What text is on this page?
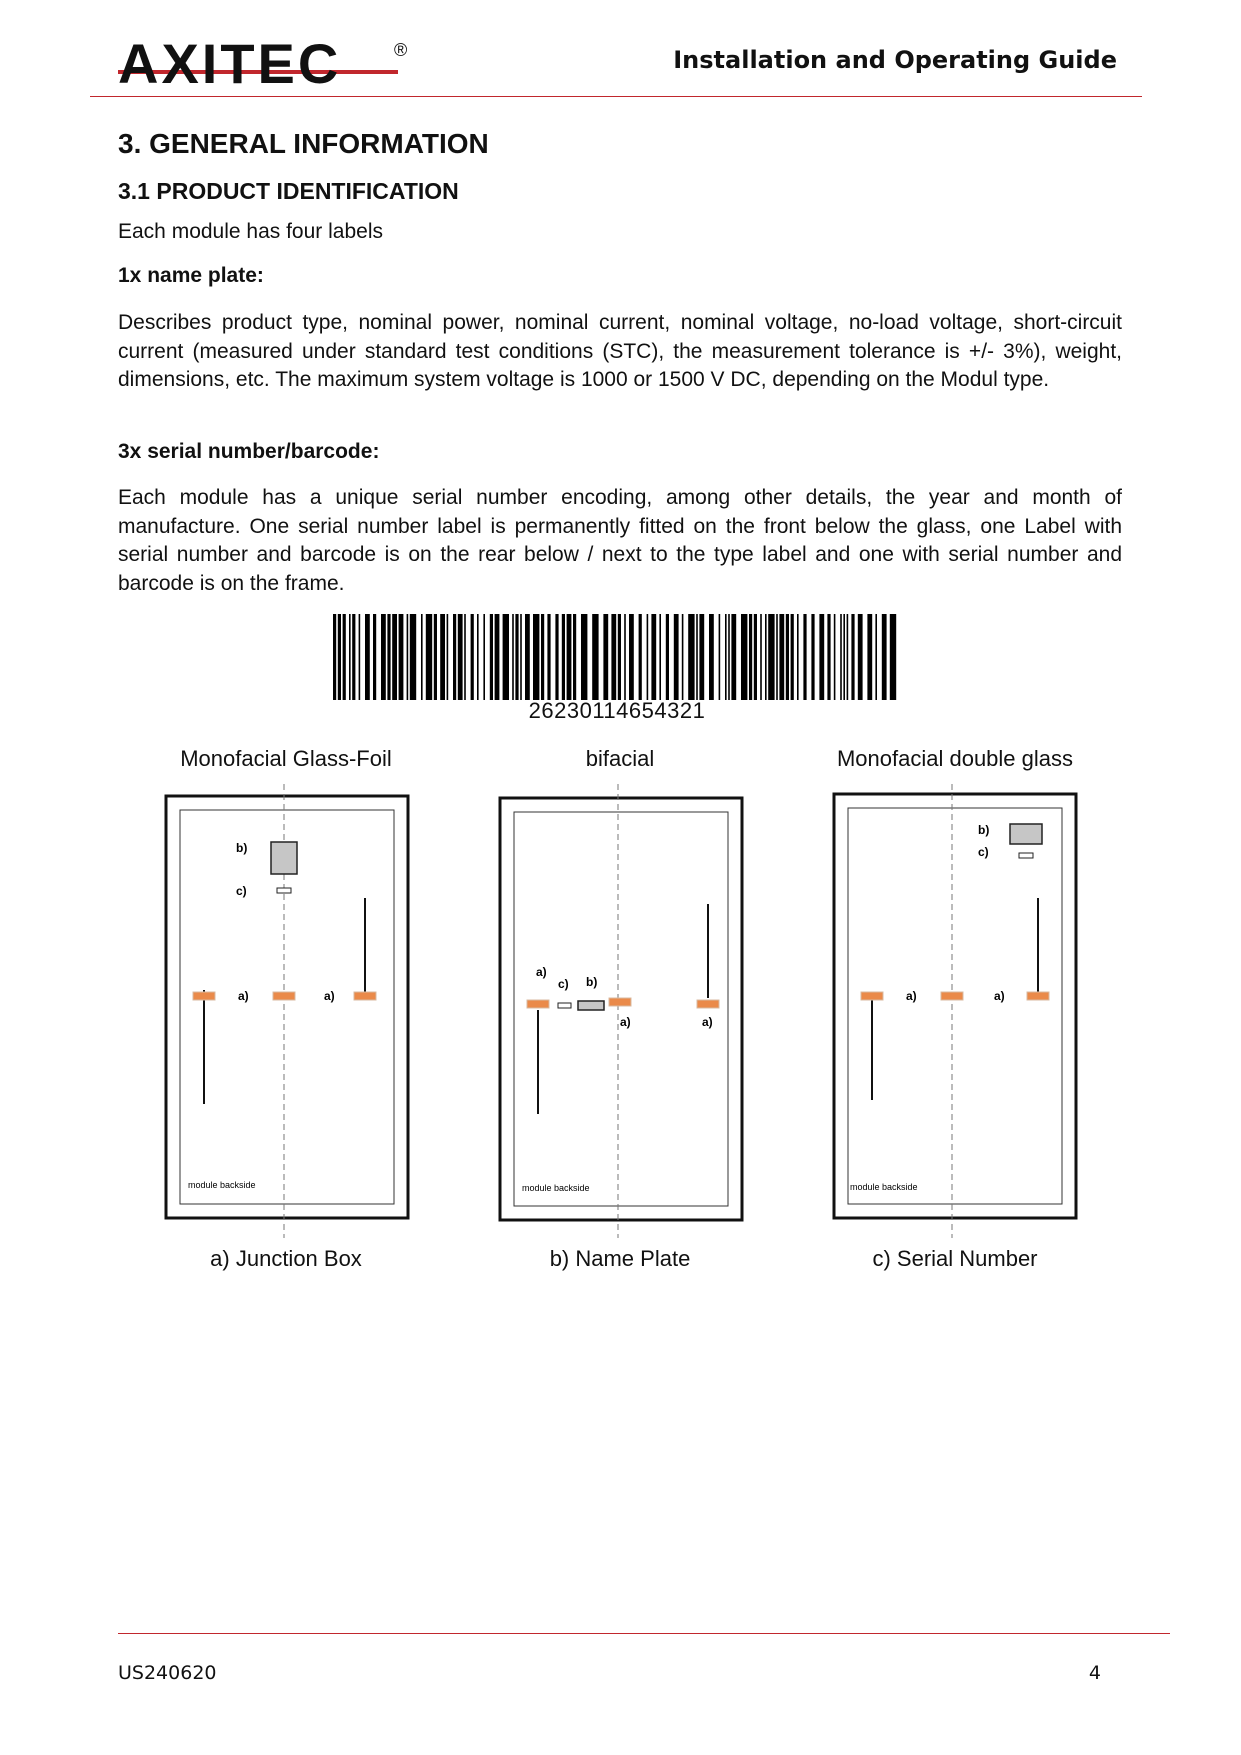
AXITEC	®	Installation and Operating Guide
3. GENERAL INFORMATION
3.1 PRODUCT IDENTIFICATION
Each module has four labels
1x name plate:
Describes product type, nominal power, nominal current, nominal voltage, no-load voltage, short-circuit current (measured under standard test conditions (STC), the measurement tolerance is +/- 3%), weight, dimensions, etc. The maximum system voltage is 1000 or 1500 V DC, depending on the Modul type.
3x serial number/barcode:
Each module has a unique serial number encoding, among other details, the year and month of manufacture. One serial number label is permanently fitted on the front below the glass, one Label with serial number and barcode is on the rear below / next to the type label and one with serial number and barcode is on the frame.
26230114654321
Monofacial Glass-Foil	bifacial	Monofacial double glass
b)
c)
a)	a)
module backside
a)
c) b)
a)	a)
module backside
b)
c)
a)	a)
module backside
a) Junction Box	b) Name Plate	c) Serial Number
US240620	4
